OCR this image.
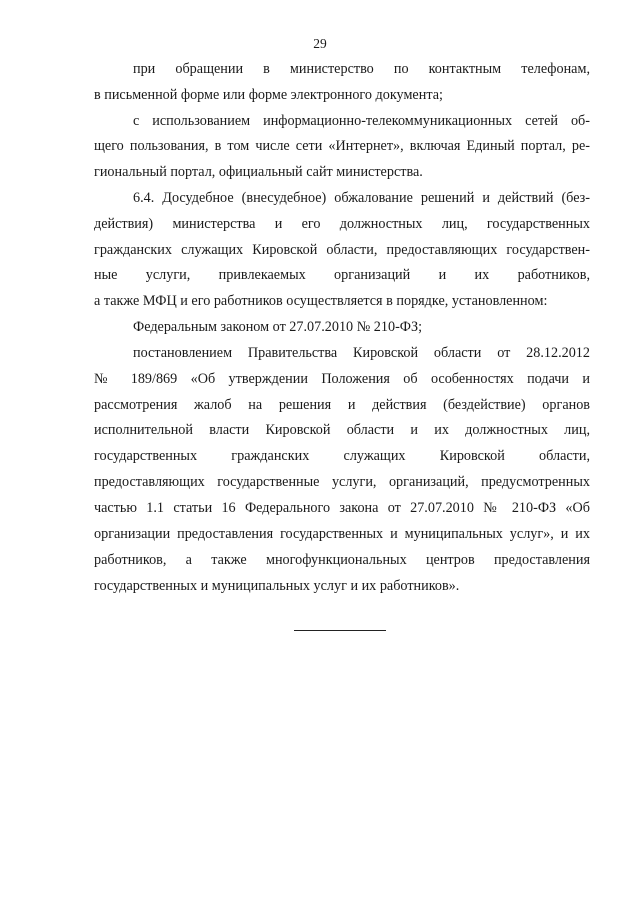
29
при обращении в министерство по контактным телефонам,
в письменной форме или форме электронного документа;
с использованием информационно-телекоммуникационных сетей об-
щего пользования, в том числе сети «Интернет», включая Единый портал, ре-
гиональный портал, официальный сайт министерства.
6.4. Досудебное (внесудебное) обжалование решений и действий (без-
действия) министерства и его должностных лиц, государственных
гражданских служащих Кировской области, предоставляющих государствен-
ные услуги, привлекаемых организаций и их работников,
а также МФЦ и его работников осуществляется в порядке, установленном:
Федеральным законом от 27.07.2010 № 210-ФЗ;
постановлением Правительства Кировской области от 28.12.2012
№ 189/869 «Об утверждении Положения об особенностях подачи и
рассмотрения жалоб на решения и действия (бездействие) органов
исполнительной власти Кировской области и их должностных лиц,
государственных гражданских служащих Кировской области,
предоставляющих государственные услуги, организаций, предусмотренных
частью 1.1 статьи 16 Федерального закона от 27.07.2010 № 210-ФЗ «Об
организации предоставления государственных и муниципальных услуг», и их
работников, а также многофункциональных центров предоставления
государственных и муниципальных услуг и их работников».
